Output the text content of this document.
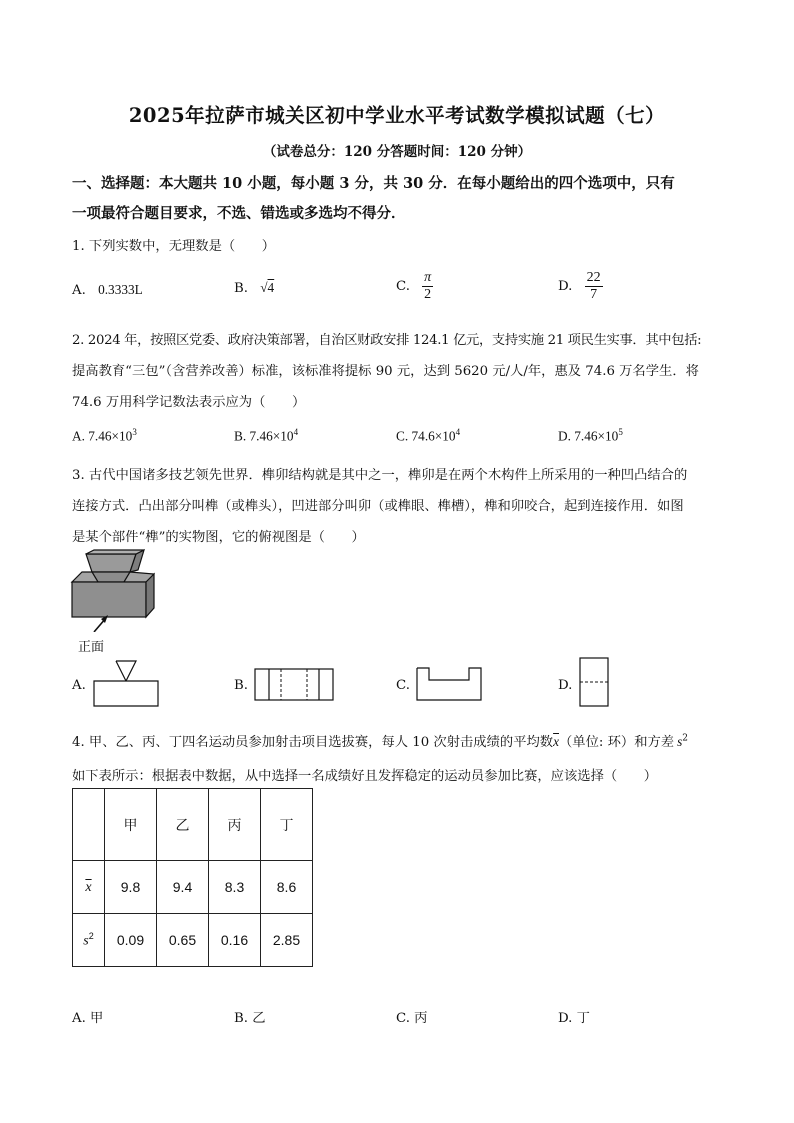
2025年拉萨市城关区初中学业水平考试数学模拟试题（七）
（试卷总分：120 分答题时间：120 分钟）
一、选择题：本大题共 10 小题，每小题 3 分，共 30 分．在每小题给出的四个选项中，只有
一项最符合题目要求，不选、错选或多选均不得分．
1. 下列实数中，无理数是（　　）
A. 0.3333L	B. √4	C. $\frac{\pi}{2}$	D. $\frac{22}{7}$
2. 2024 年，按照区党委、政府决策部署，自治区财政安排 124.1 亿元，支持实施 21 项民生实事．其中包括:
提高教育“三包”（含营养改善）标准，该标准将提标 90 元，达到 5620 元/人/年，惠及 74.6 万名学生．将
74.6 万用科学记数法表示应为（　　）
A. $7.46\times 10^3$	B. $7.46\times 10^4$	C. $74.6\times 10^4$	D. $7.46\times 10^5$
3. 古代中国诸多技艺领先世界．榫卯结构就是其中之一，榫卯是在两个木构件上所采用的一种凹凸结合的
连接方式．凸出部分叫榫（或榫头），凹进部分叫卯（或榫眼、榫槽），榫和卯咬合，起到连接作用．如图
是某个部件“榫”的实物图，它的俯视图是（　　）
正面
A.	B.	C.	D.
4. 甲、乙、丙、丁四名运动员参加射击项目选拔赛，每人 10 次射击成绩的平均数$\overline{x}$（单位: 环）和方差 $s^2$
如下表所示：根据表中数据，从中选择一名成绩好且发挥稳定的运动员参加比赛，应该选择（　　）
	甲	乙	丙	丁
$\overline{x}$	9.8	9.4	8.3	8.6
$s^2$	0.09	0.65	0.16	2.85
A. 甲	B. 乙	C. 丙	D. 丁
